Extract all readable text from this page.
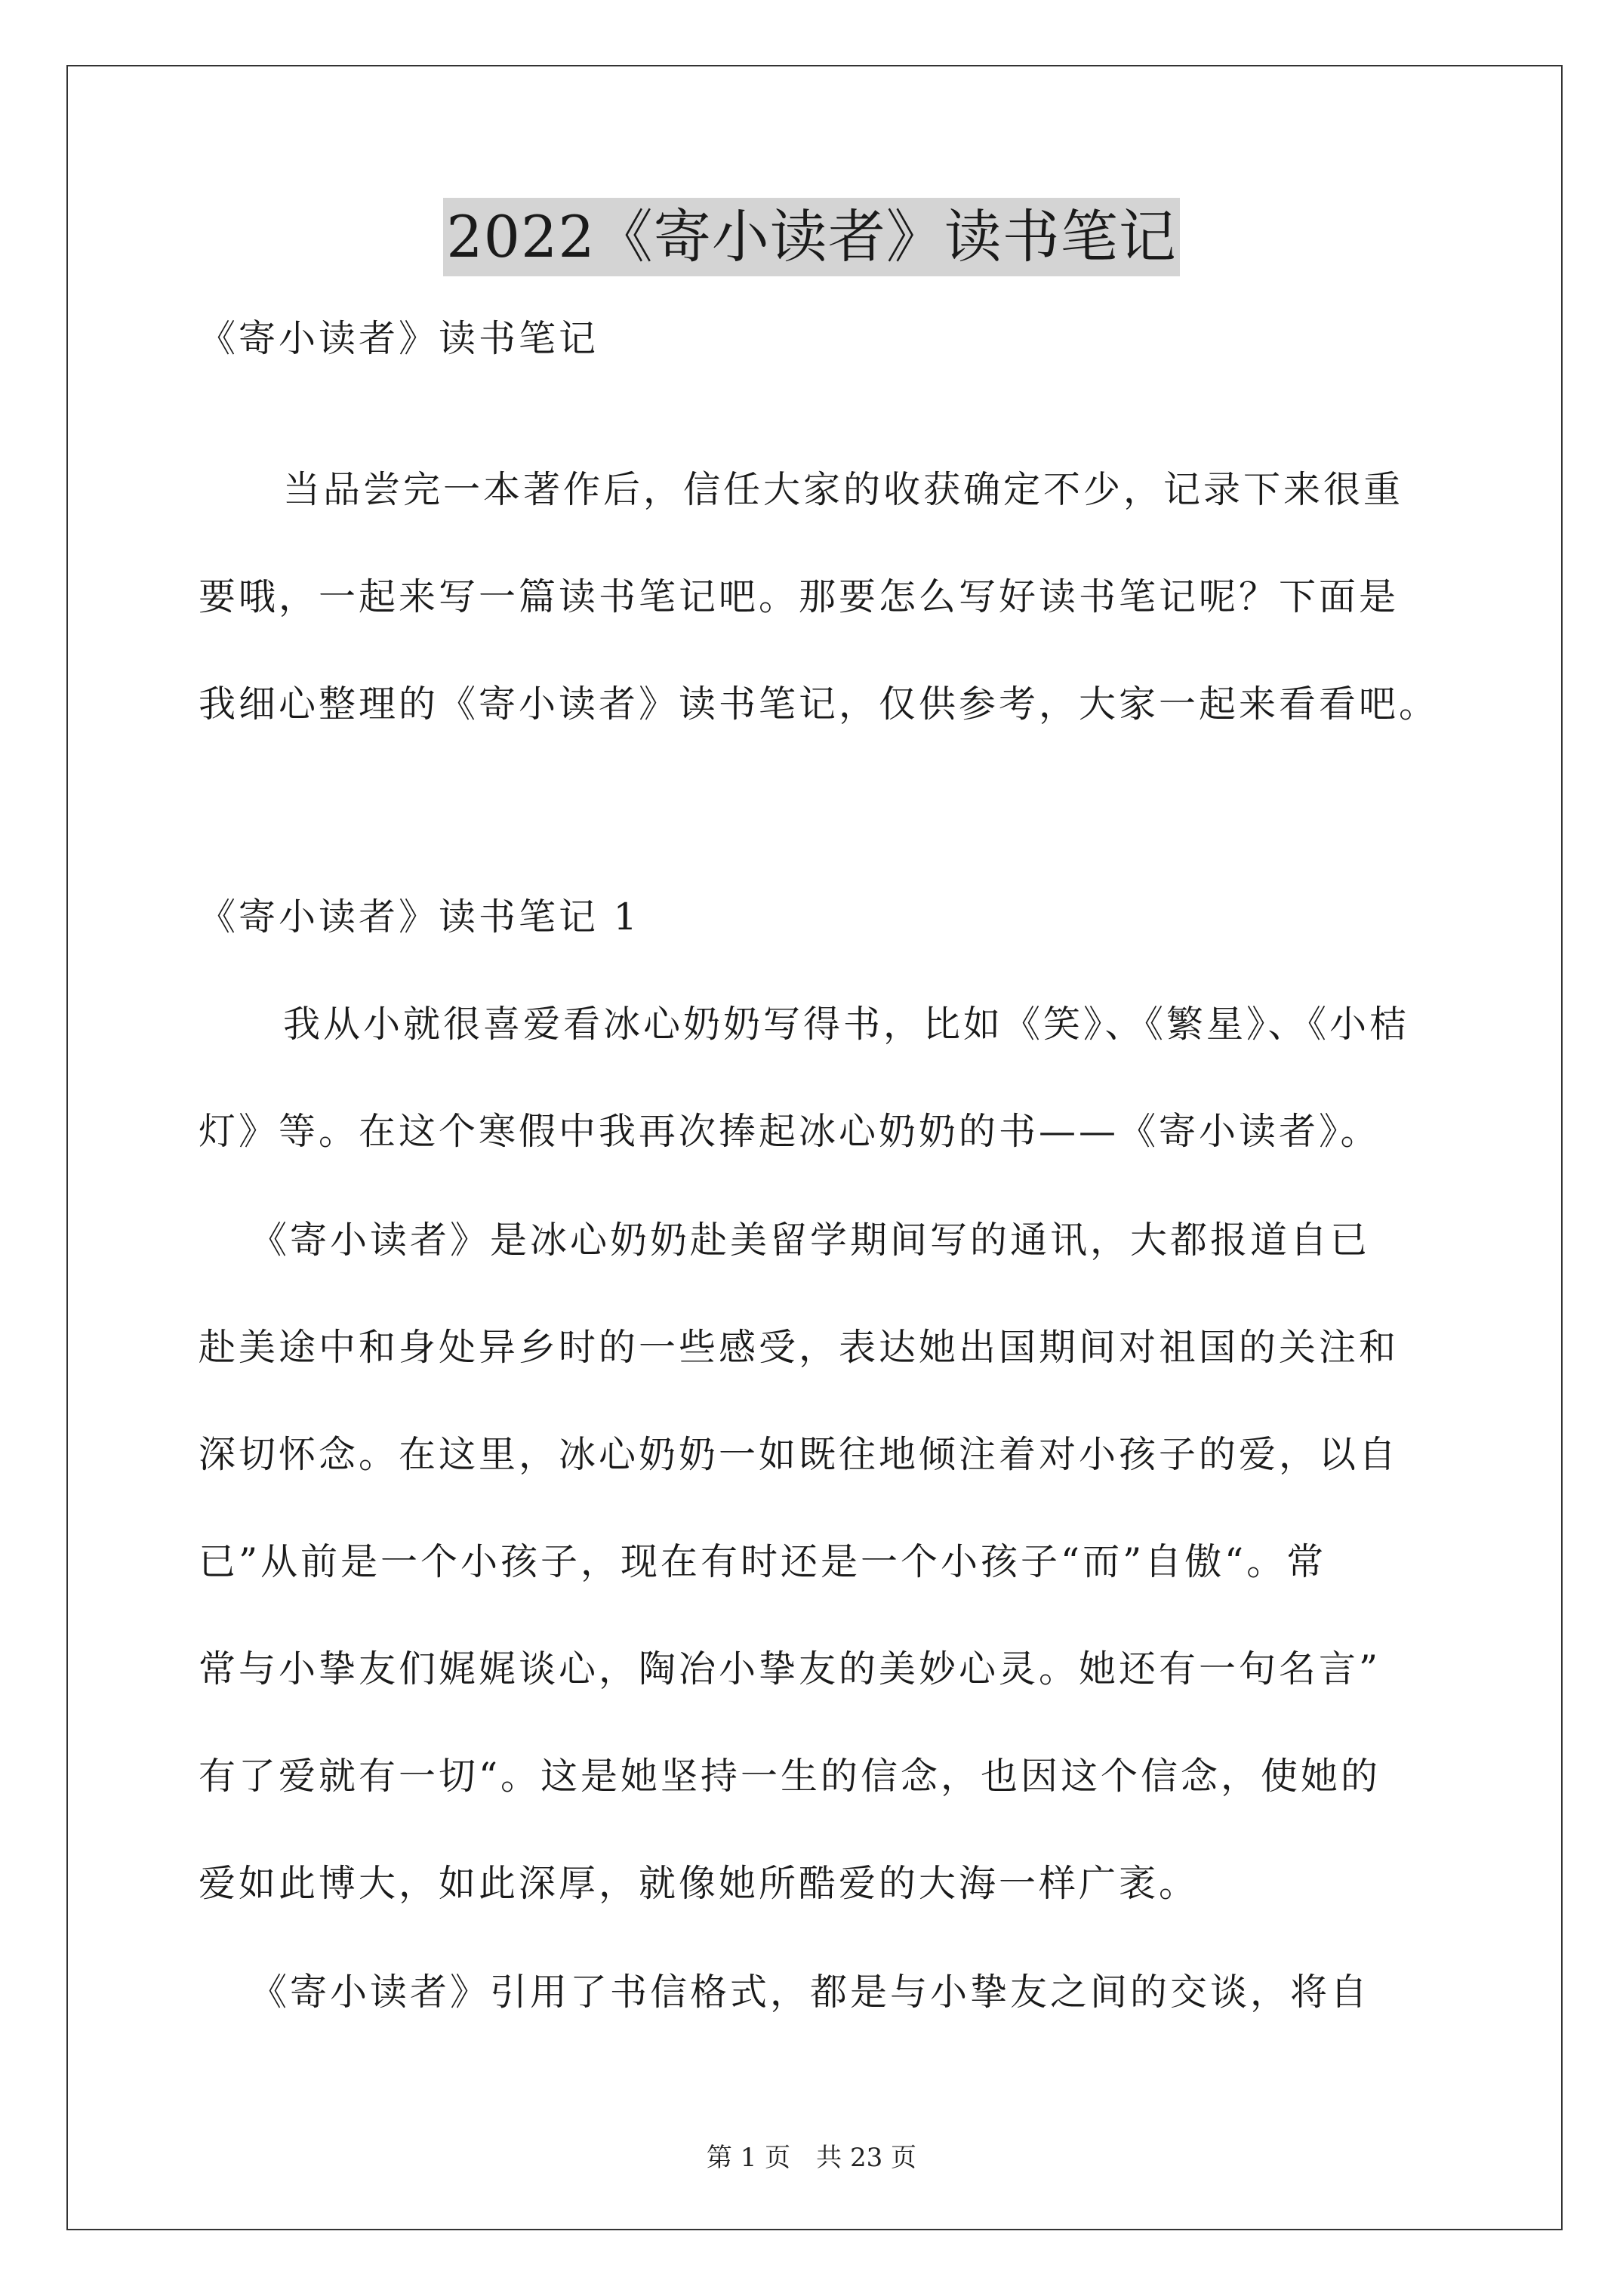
2022《寄小读者》读书笔记
《寄小读者》读书笔记
当品尝完一本著作后，信任大家的收获确定不少，记录下来很重
要哦，一起来写一篇读书笔记吧。那要怎么写好读书笔记呢？下面是
我细心整理的《寄小读者》读书笔记，仅供参考，大家一起来看看吧。
《寄小读者》读书笔记 1
我从小就很喜爱看冰心奶奶写得书，比如《笑》、《繁星》、《小桔
灯》等。在这个寒假中我再次捧起冰心奶奶的书——《寄小读者》。
《寄小读者》是冰心奶奶赴美留学期间写的通讯，大都报道自已
赴美途中和身处异乡时的一些感受，表达她出国期间对祖国的关注和
深切怀念。在这里，冰心奶奶一如既往地倾注着对小孩子的爱，以自
已”从前是一个小孩子，现在有时还是一个小孩子“而”自傲“。常
常与小挚友们娓娓谈心，陶冶小挚友的美妙心灵。她还有一句名言”
有了爱就有一切“。这是她坚持一生的信念，也因这个信念，使她的
爱如此博大，如此深厚，就像她所酷爱的大海一样广袤。
《寄小读者》引用了书信格式，都是与小挚友之间的交谈，将自
第 1 页　共 23 页
